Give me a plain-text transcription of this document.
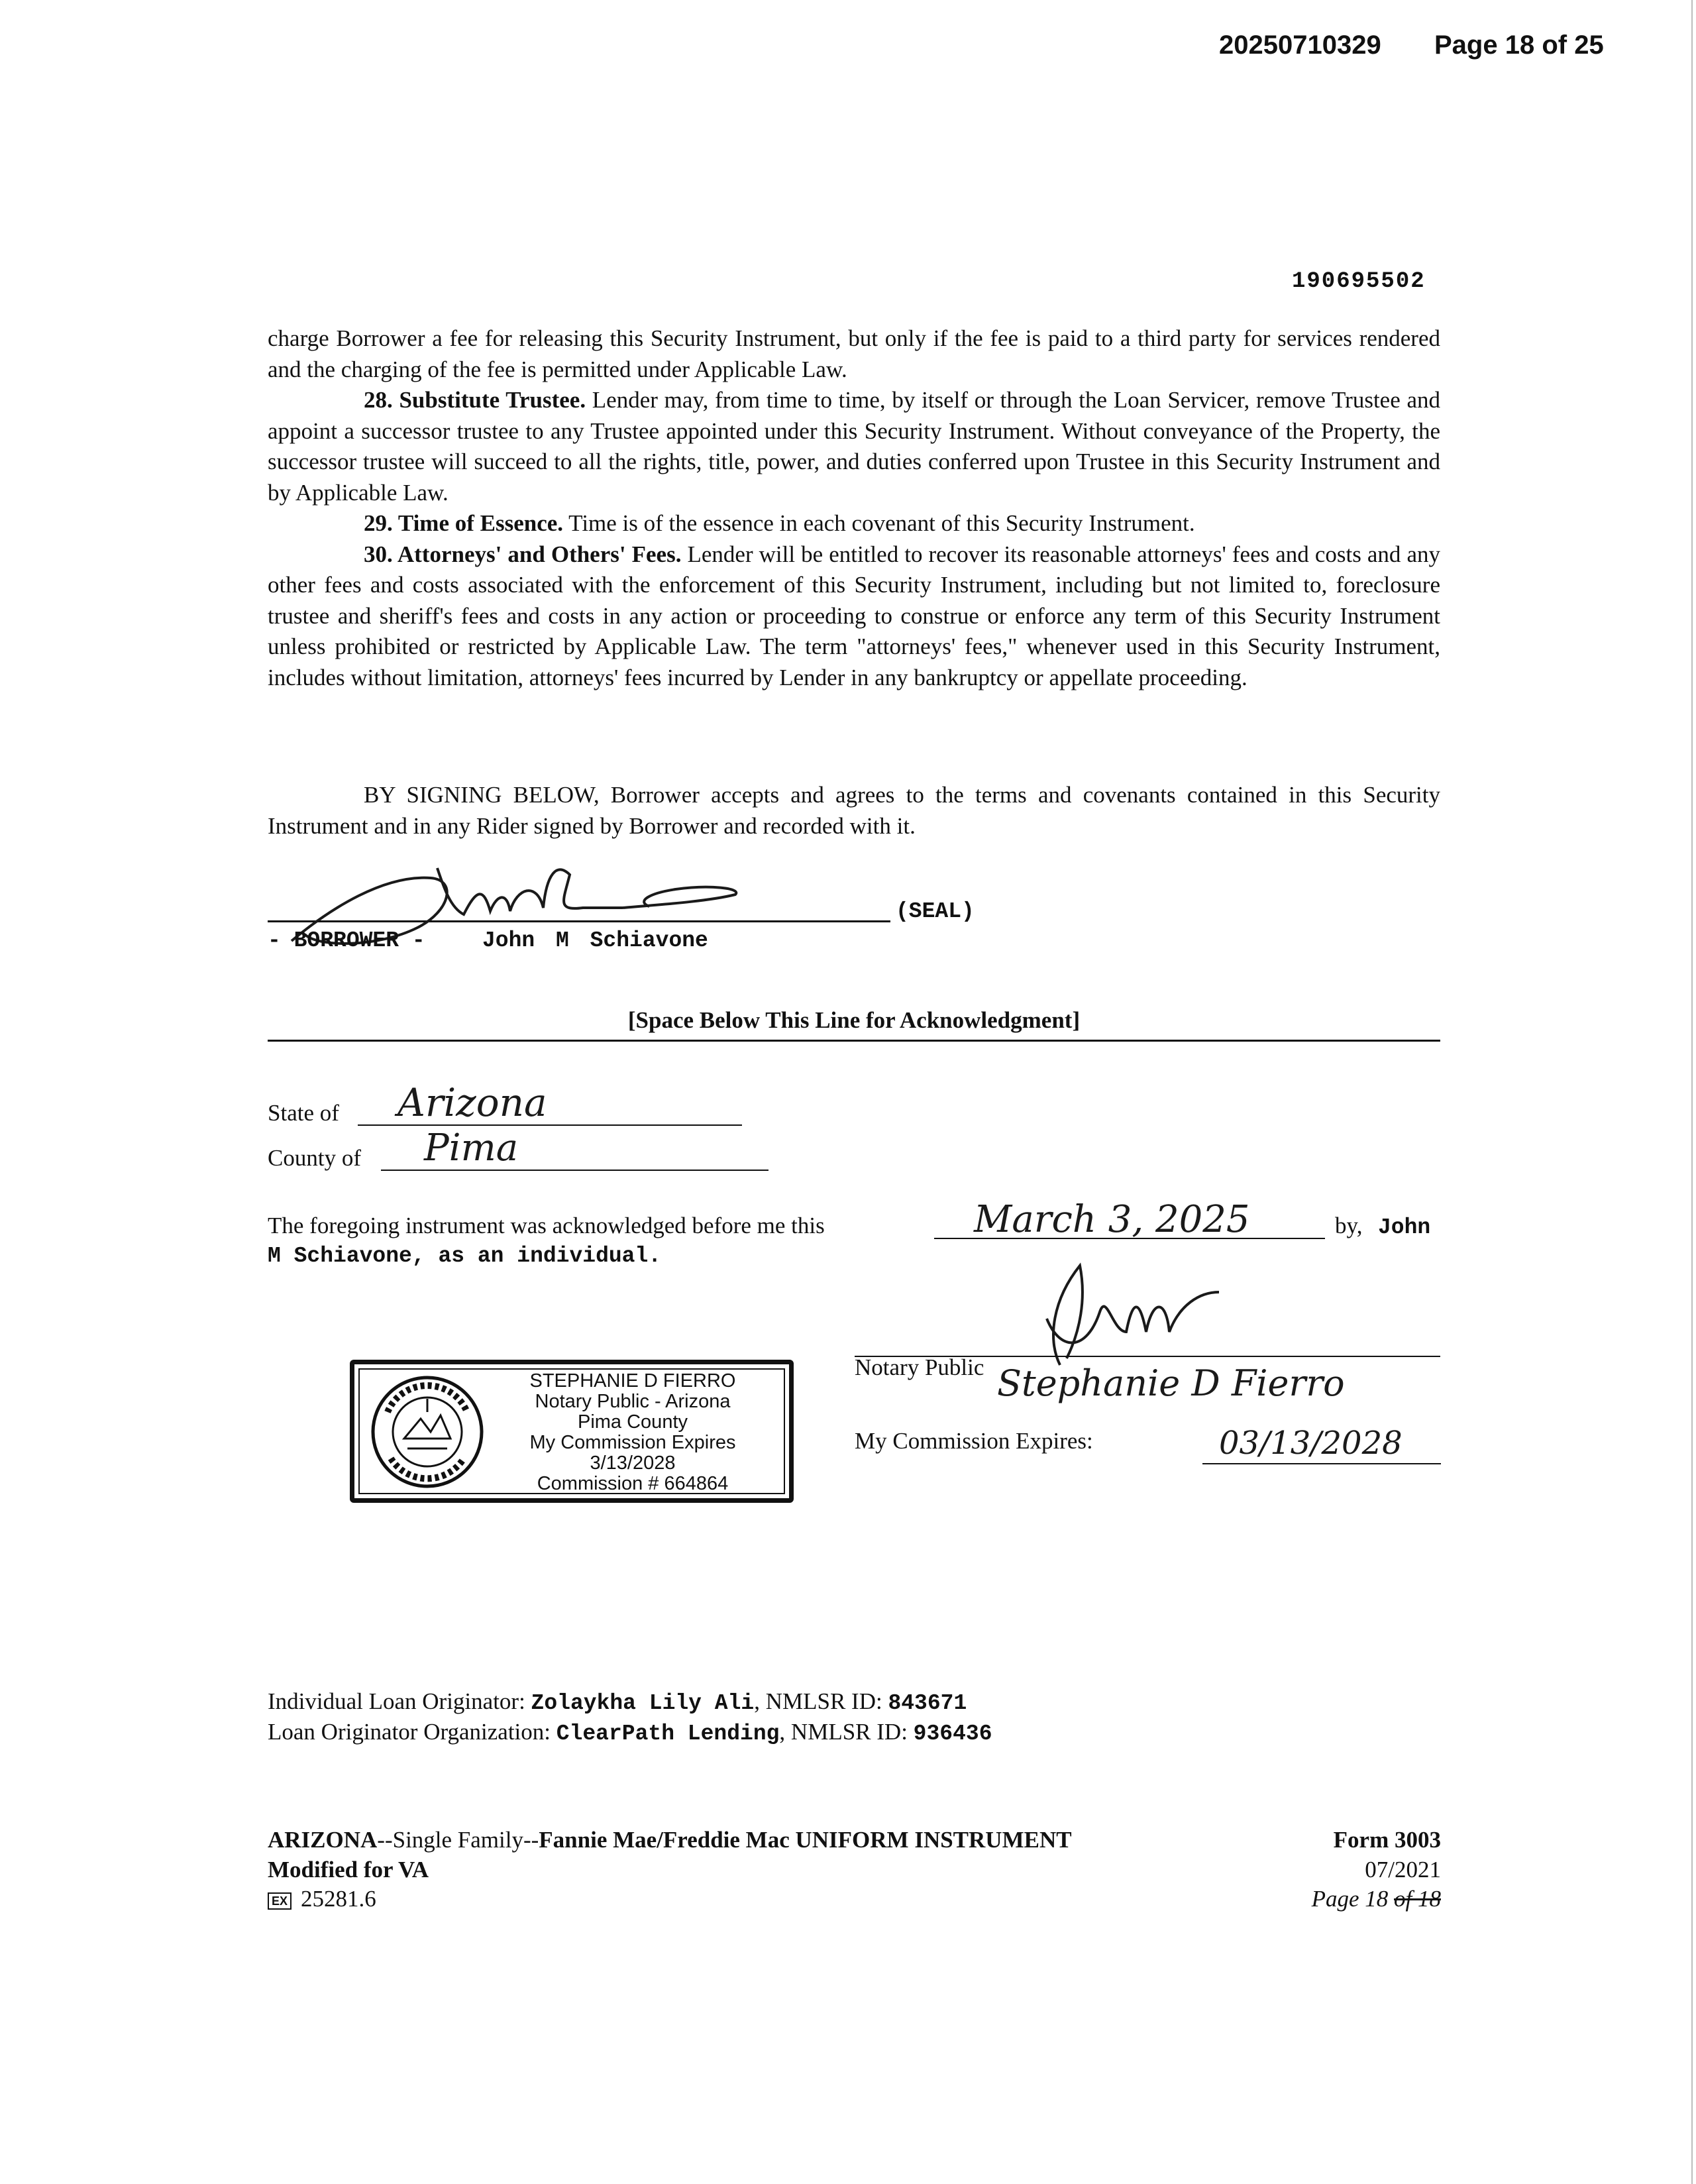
20250710329 Page 18 of 25
190695502

charge Borrower a fee for releasing this Security Instrument, but only if the fee is paid to a third party for services rendered and the charging of the fee is permitted under Applicable Law.

28. Substitute Trustee. Lender may, from time to time, by itself or through the Loan Servicer, remove Trustee and appoint a successor trustee to any Trustee appointed under this Security Instrument. Without conveyance of the Property, the successor trustee will succeed to all the rights, title, power, and duties conferred upon Trustee in this Security Instrument and by Applicable Law.

29. Time of Essence. Time is of the essence in each covenant of this Security Instrument.

30. Attorneys' and Others' Fees. Lender will be entitled to recover its reasonable attorneys' fees and costs and any other fees and costs associated with the enforcement of this Security Instrument, including but not limited to, foreclosure trustee and sheriff's fees and costs in any action or proceeding to construe or enforce any term of this Security Instrument unless prohibited or restricted by Applicable Law. The term "attorneys' fees," whenever used in this Security Instrument, includes without limitation, attorneys' fees incurred by Lender in any bankruptcy or appellate proceeding.

BY SIGNING BELOW, Borrower accepts and agrees to the terms and covenants contained in this Security Instrument and in any Rider signed by Borrower and recorded with it.

(SEAL)
- BORROWER -	John M Schiavone
[Space Below This Line for Acknowledgment]
State of Arizona
County of Pima
The foregoing instrument was acknowledged before me this	March 3, 2025	by, John
M Schiavone, as an individual.
Notary Public Stephanie D Fierro
My Commission Expires:	03/13/2028
STEPHANIE D FIERRO
Notary Public - Arizona
Pima County
My Commission Expires
3/13/2028
Commission # 664864
Individual Loan Originator: Zolaykha Lily Ali, NMLSR ID: 843671
Loan Originator Organization: ClearPath Lending, NMLSR ID: 936436
ARIZONA--Single Family--Fannie Mae/Freddie Mac UNIFORM INSTRUMENT
Modified for VA
EX 25281.6
Form 3003
07/2021
Page 18 of 18
